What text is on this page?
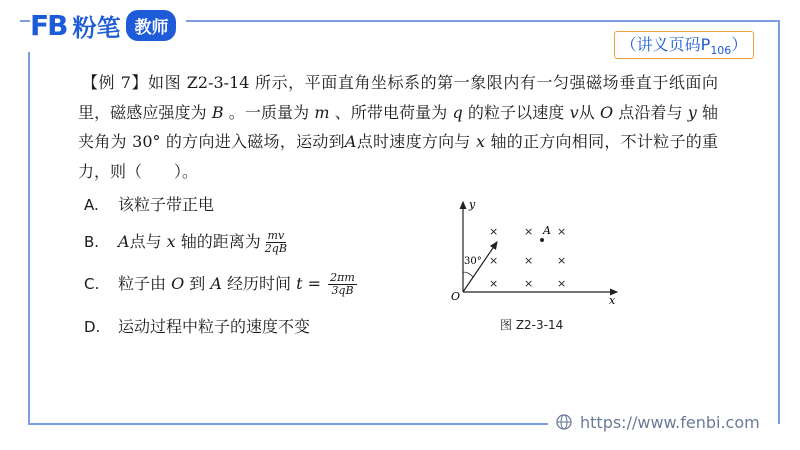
FB 粉笔 教师
（讲义页码$P_{106}$）
【例 7】如图 Z2-3-14 所示，平面直角坐标系的第一象限内有一匀强磁场垂直于纸面向里，磁感应强度为 B 。一质量为 m 、所带电荷量为 q 的粒子以速度 v从 O 点沿着与 y 轴夹角为 30° 的方向进入磁场，运动到A点时速度方向与 x 轴的正方向相同，不计粒子的重力，则（　　）。
A. 该粒子带正电
B. A点与 x 轴的距离为 $\frac{mv}{2qB}$
C. 粒子由 O 到 A 经历时间 $t = \frac{2\pi m}{3qB}$
D. 运动过程中粒子的速度不变
y
x
O
30°
A
× × ×
× × ×
× × ×
图 Z2-3-14
https://www.fenbi.com
